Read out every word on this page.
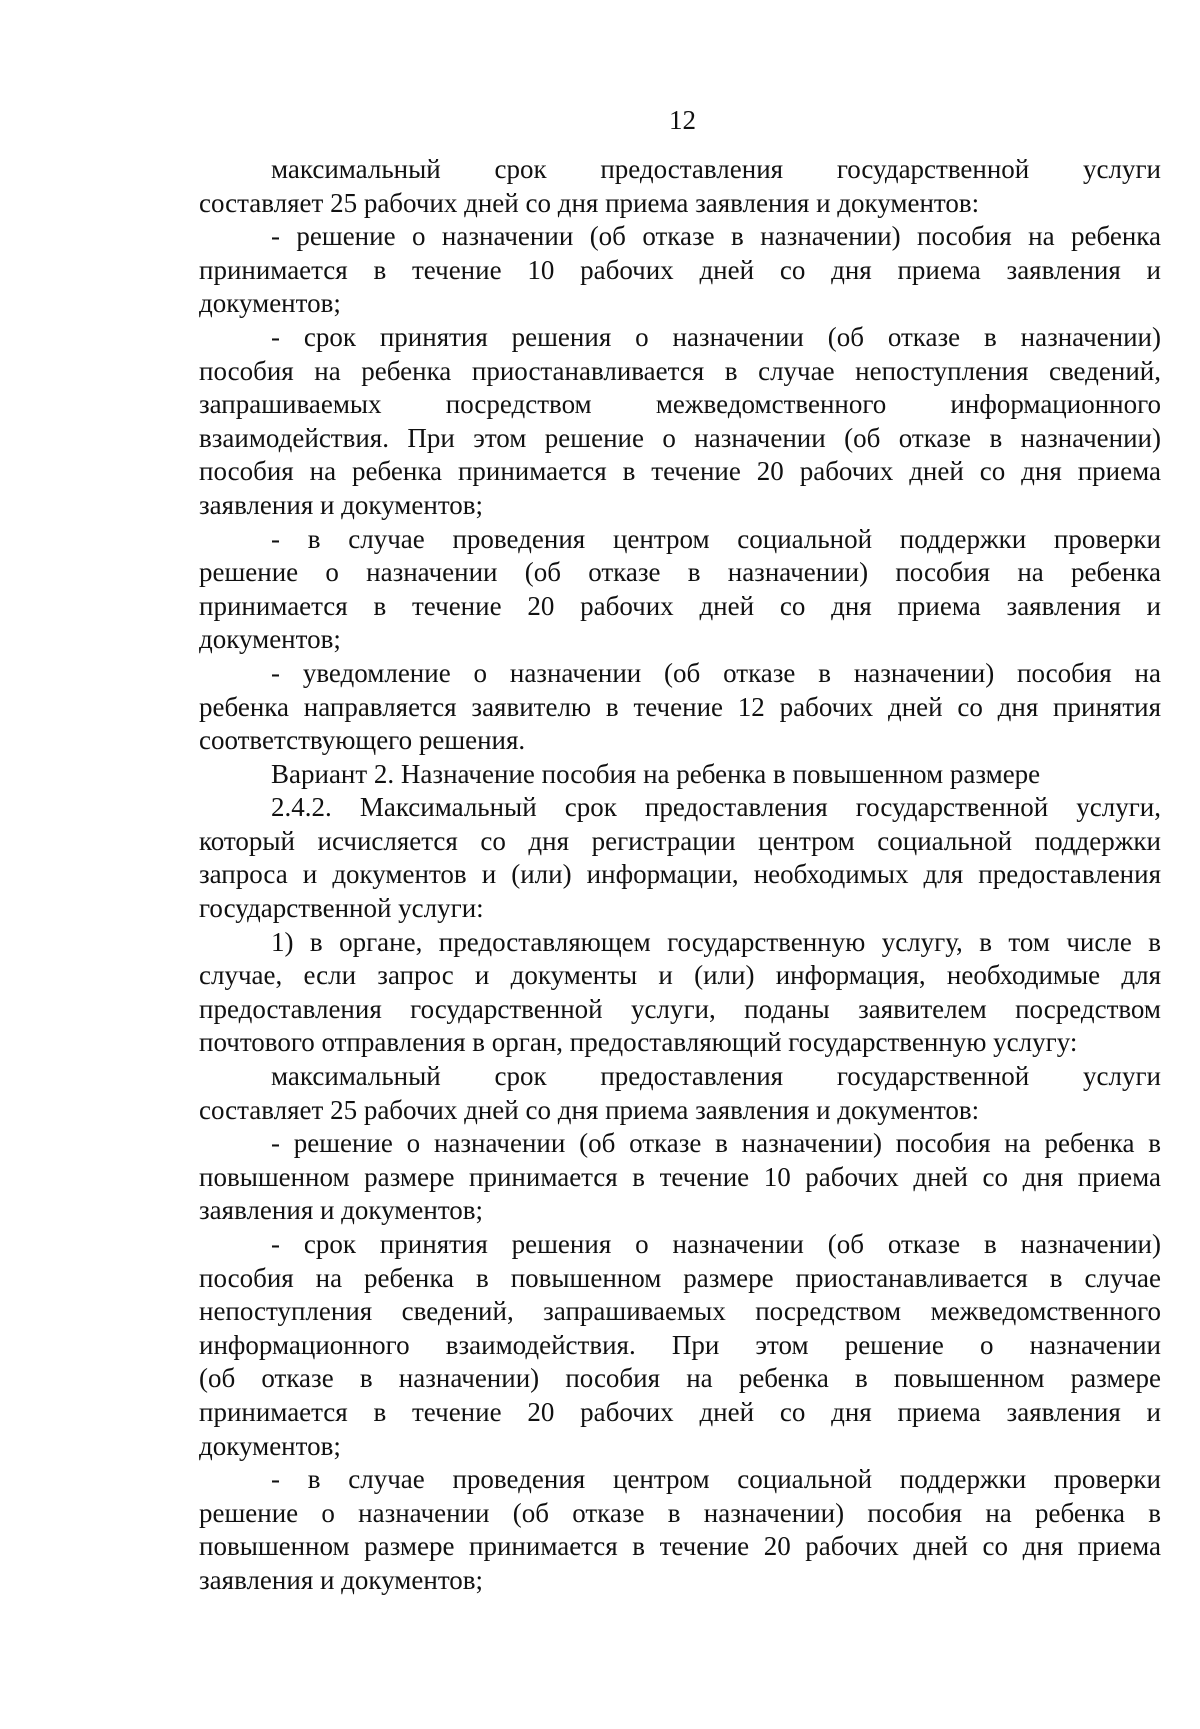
12

максимальный срок предоставления государственной услуги
составляет 25 рабочих дней со дня приема заявления и документов:

- решение о назначении (об отказе в назначении) пособия на ребенка
принимается в течение 10 рабочих дней со дня приема заявления и
документов;

- срок принятия решения о назначении (об отказе в назначении)
пособия на ребенка приостанавливается в случае непоступления сведений,
запрашиваемых посредством межведомственного информационного
взаимодействия. При этом решение о назначении (об отказе в назначении)
пособия на ребенка принимается в течение 20 рабочих дней со дня приема
заявления и документов;

- в случае проведения центром социальной поддержки проверки
решение о назначении (об отказе в назначении) пособия на ребенка
принимается в течение 20 рабочих дней со дня приема заявления и
документов;

- уведомление о назначении (об отказе в назначении) пособия на
ребенка направляется заявителю в течение 12 рабочих дней со дня принятия
соответствующего решения.

Вариант 2. Назначение пособия на ребенка в повышенном размере

2.4.2. Максимальный срок предоставления государственной услуги,
который исчисляется со дня регистрации центром социальной поддержки
запроса и документов и (или) информации, необходимых для предоставления
государственной услуги:

1) в органе, предоставляющем государственную услугу, в том числе в
случае, если запрос и документы и (или) информация, необходимые для
предоставления государственной услуги, поданы заявителем посредством
почтового отправления в орган, предоставляющий государственную услугу:

максимальный срок предоставления государственной услуги
составляет 25 рабочих дней со дня приема заявления и документов:

- решение о назначении (об отказе в назначении) пособия на ребенка в
повышенном размере принимается в течение 10 рабочих дней со дня приема
заявления и документов;

- срок принятия решения о назначении (об отказе в назначении)
пособия на ребенка в повышенном размере приостанавливается в случае
непоступления сведений, запрашиваемых посредством межведомственного
информационного взаимодействия. При этом решение о назначении
(об отказе в назначении) пособия на ребенка в повышенном размере
принимается в течение 20 рабочих дней со дня приема заявления и
документов;

- в случае проведения центром социальной поддержки проверки
решение о назначении (об отказе в назначении) пособия на ребенка в
повышенном размере принимается в течение 20 рабочих дней со дня приема
заявления и документов;
